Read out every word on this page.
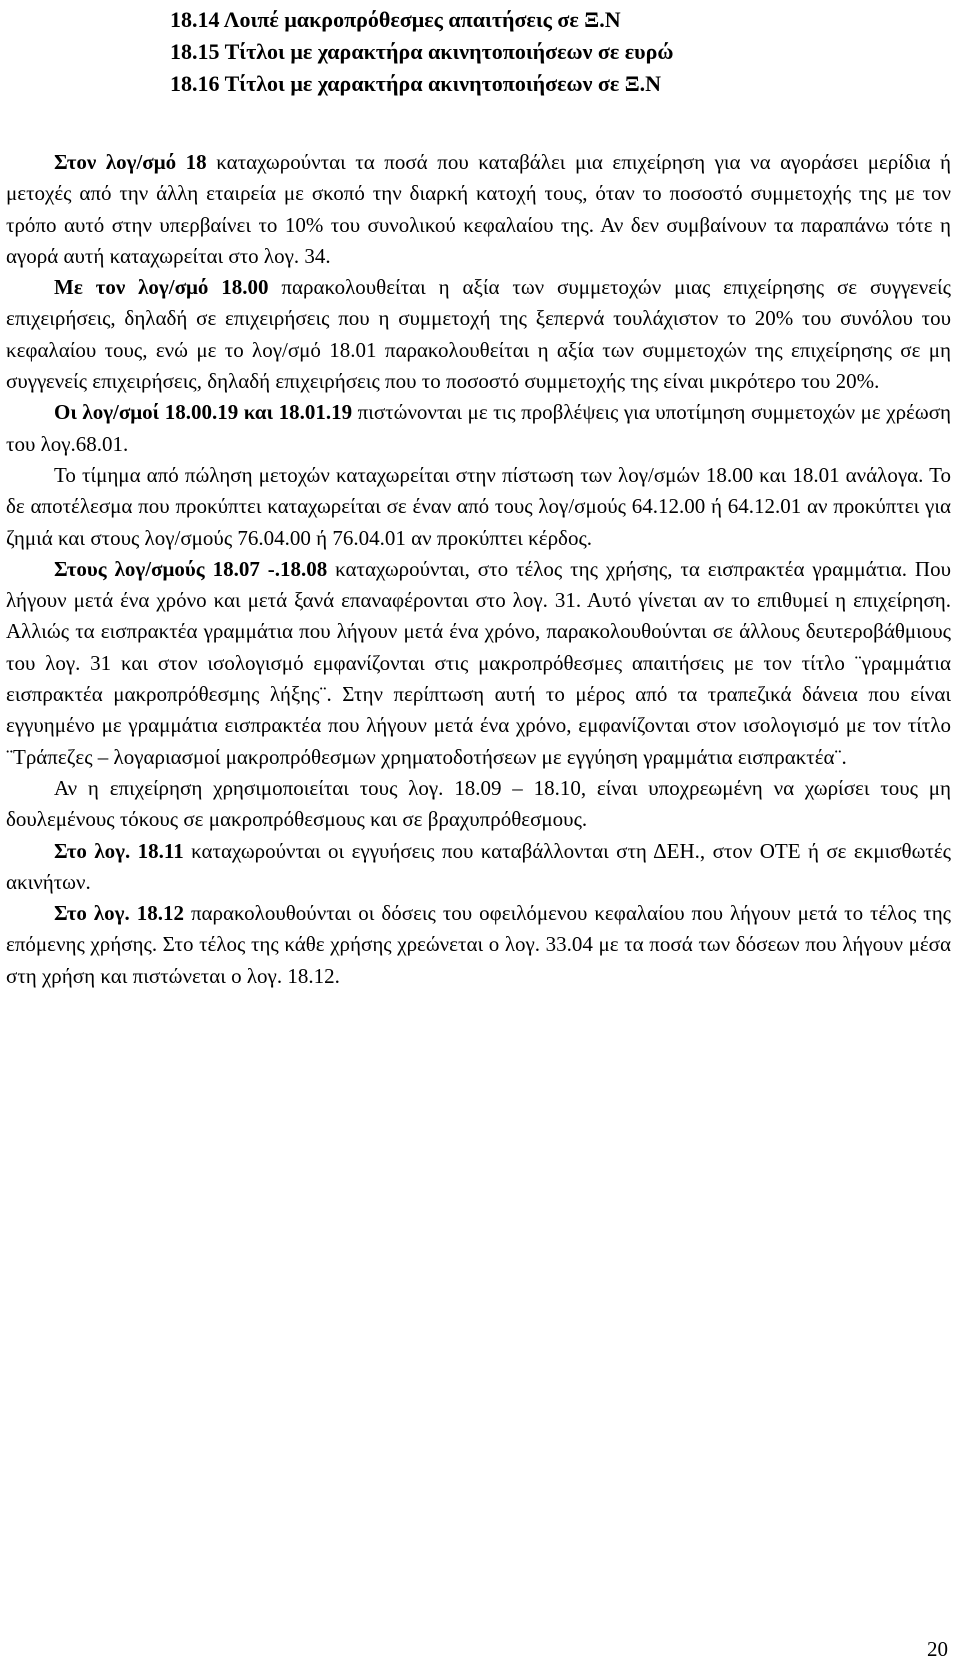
18.14 Λοιπέ μακροπρόθεσμες απαιτήσεις σε Ξ.Ν
18.15 Τίτλοι με χαρακτήρα ακινητοποιήσεων σε ευρώ
18.16 Τίτλοι με χαρακτήρα ακινητοποιήσεων σε Ξ.Ν

Στον λογ/σμό 18 καταχωρούνται τα ποσά που καταβάλει μια επιχείρηση για να αγοράσει μερίδια ή μετοχές από την άλλη εταιρεία με σκοπό την διαρκή κατοχή τους, όταν το ποσοστό συμμετοχής της με τον τρόπο αυτό στην υπερβαίνει το 10% του συνολικού κεφαλαίου της. Αν δεν συμβαίνουν τα παραπάνω τότε η αγορά αυτή καταχωρείται στο λογ. 34.

Με τον λογ/σμό 18.00 παρακολουθείται η αξία των συμμετοχών μιας επιχείρησης σε συγγενείς επιχειρήσεις, δηλαδή σε επιχειρήσεις που η συμμετοχή της ξεπερνά τουλάχιστον το 20% του συνόλου του κεφαλαίου τους, ενώ με το λογ/σμό 18.01 παρακολουθείται η αξία των συμμετοχών της επιχείρησης σε μη συγγενείς επιχειρήσεις, δηλαδή επιχειρήσεις που το ποσοστό συμμετοχής της είναι μικρότερο του 20%.

Οι λογ/σμοί 18.00.19 και 18.01.19 πιστώνονται με τις προβλέψεις για υποτίμηση συμμετοχών με χρέωση του λογ.68.01.

Το τίμημα από πώληση μετοχών καταχωρείται στην πίστωση των λογ/σμών 18.00 και 18.01 ανάλογα. Το δε αποτέλεσμα που προκύπτει καταχωρείται σε έναν από τους λογ/σμούς 64.12.00 ή 64.12.01 αν προκύπτει για ζημιά και στους λογ/σμούς 76.04.00 ή 76.04.01 αν προκύπτει κέρδος.

Στους λογ/σμούς 18.07 -.18.08 καταχωρούνται, στο τέλος της χρήσης, τα εισπρακτέα γραμμάτια. Που λήγουν μετά ένα χρόνο και μετά ξανά επαναφέρονται στο λογ. 31. Αυτό γίνεται αν το επιθυμεί η επιχείρηση. Αλλιώς τα εισπρακτέα γραμμάτια που λήγουν μετά ένα χρόνο, παρακολουθούνται σε άλλους δευτεροβάθμιους του λογ. 31 και στον ισολογισμό εμφανίζονται στις μακροπρόθεσμες απαιτήσεις με τον τίτλο ¨γραμμάτια εισπρακτέα μακροπρόθεσμης λήξης¨. Στην περίπτωση αυτή το μέρος από τα τραπεζικά δάνεια που είναι εγγυημένο με γραμμάτια εισπρακτέα που λήγουν μετά ένα χρόνο, εμφανίζονται στον ισολογισμό με τον τίτλο ¨Τράπεζες – λογαριασμοί μακροπρόθεσμων χρηματοδοτήσεων με εγγύηση γραμμάτια εισπρακτέα¨.

Αν η επιχείρηση χρησιμοποιείται τους λογ. 18.09 – 18.10, είναι υποχρεωμένη να χωρίσει τους μη δουλεμένους τόκους σε μακροπρόθεσμους και σε βραχυπρόθεσμους.

Στο λογ. 18.11 καταχωρούνται οι εγγυήσεις που καταβάλλονται στη ΔΕΗ., στον ΟΤΕ ή σε εκμισθωτές ακινήτων.

Στο λογ. 18.12 παρακολουθούνται οι δόσεις του οφειλόμενου κεφαλαίου που λήγουν μετά το τέλος της επόμενης χρήσης. Στο τέλος της κάθε χρήσης χρεώνεται ο λογ. 33.04 με τα ποσά των δόσεων που λήγουν μέσα στη χρήση και πιστώνεται ο λογ. 18.12.

20
